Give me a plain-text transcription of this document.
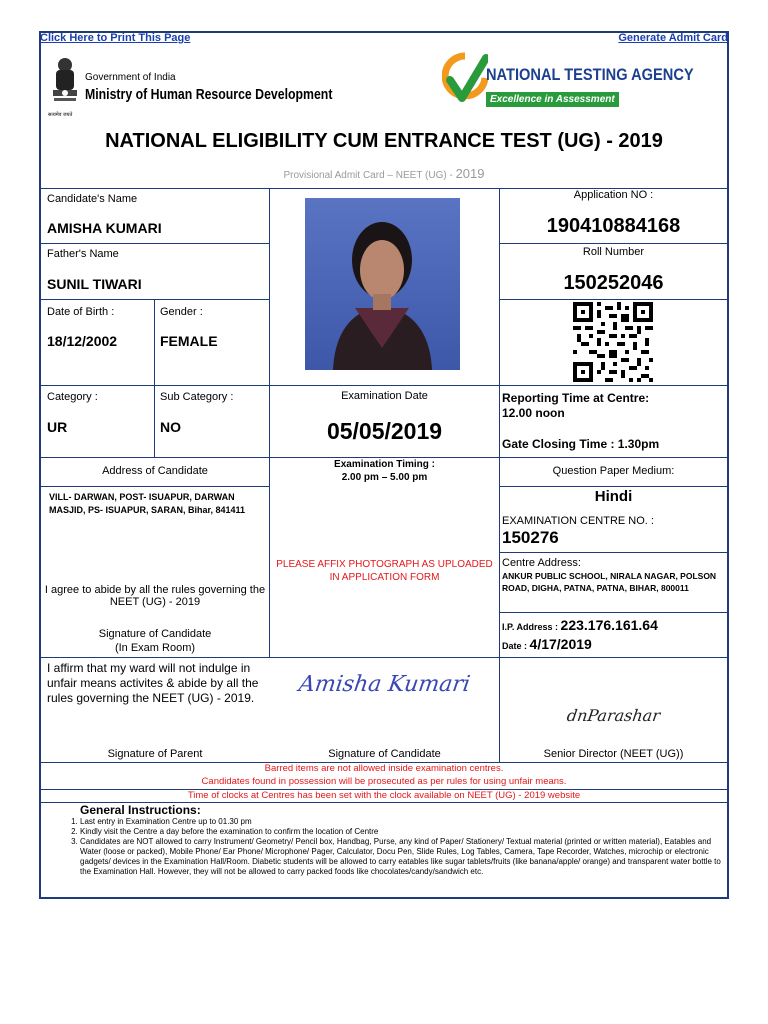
Click Here to Print This Page	Generate Admit Card
सत्यमेव जयते
Government of India
Ministry of Human Resource Development
NATIONAL TESTING AGENCY
Excellence in Assessment
NATIONAL ELIGIBILITY CUM ENTRANCE TEST (UG) - 2019
Provisional Admit Card – NEET (UG) - 2019
Candidate's Name
AMISHA KUMARI
Father's Name
SUNIL TIWARI
Date of Birth :
18/12/2002
Gender :
FEMALE
Category :
UR
Sub Category :
NO
Application NO :
190410884168
Roll Number
150252046
Examination Date
05/05/2019
Reporting Time at Centre:
12.00 noon
Gate Closing Time : 1.30pm
Address of Candidate
VILL- DARWAN, POST- ISUAPUR, DARWAN MASJID, PS- ISUAPUR, SARAN, Bihar, 841411
Examination Timing :
2.00 pm – 5.00 pm
Question Paper Medium:
Hindi
EXAMINATION CENTRE NO. :
150276
PLEASE AFFIX PHOTOGRAPH AS UPLOADED IN APPLICATION FORM
Centre Address:
ANKUR PUBLIC SCHOOL, NIRALA NAGAR, POLSON ROAD, DIGHA, PATNA, PATNA, BIHAR, 800011
I.P. Address : 223.176.161.64
Date : 4/17/2019
I agree to abide by all the rules governing the NEET (UG) - 2019
Signature of Candidate
(In Exam Room)
I affirm that my ward will not indulge in unfair means activites & abide by all the rules governing the NEET (UG) - 2019.
Amisha Kumari
dnParashar
Signature of Parent	Signature of Candidate	Senior Director (NEET (UG))
Barred items are not allowed inside examination centres.
Candidates found in possession will be prosecuted as per rules for using unfair means.
Time of clocks at Centres has been set with the clock available on NEET (UG) - 2019 website
General Instructions:
1. Last entry in Examination Centre up to 01.30 pm
2. Kindly visit the Centre a day before the examination to confirm the location of Centre
3. Candidates are NOT allowed to carry Instrument/ Geometry/ Pencil box, Handbag, Purse, any kind of Paper/ Stationery/ Textual material (printed or written material), Eatables and Water (loose or packed), Mobile Phone/ Ear Phone/ Microphone/ Pager, Calculator, Docu Pen, Slide Rules, Log Tables, Camera, Tape Recorder, Watches, microchip or electronic gadgets/ devices in the Examination Hall/Room. Diabetic students will be allowed to carry eatables like sugar tablets/fruits (like banana/apple/ orange) and transparent water bottle to the Examination Hall. However, they will not be allowed to carry packed foods like chocolates/candy/sandwich etc.
